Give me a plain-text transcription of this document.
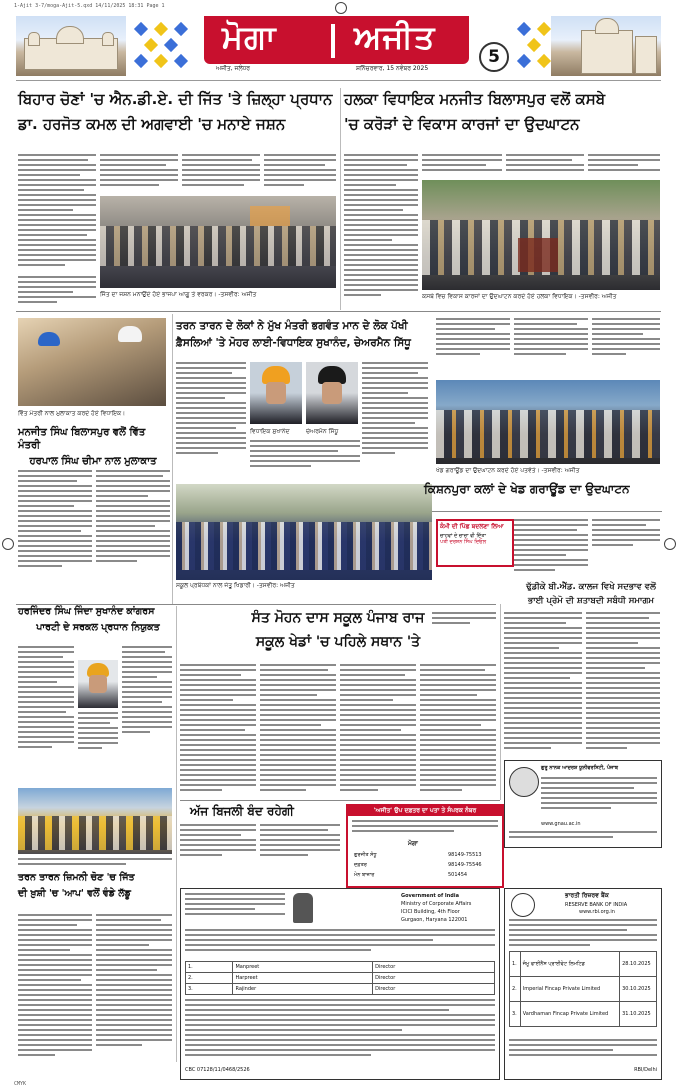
1-Ajit 3-7/moga-Ajit-5.qxd 14/11/2025 18:31 Page 1
ਮੋਗਾ ਅਜੀਤ
ਅਜੀਤ, ਜਲੰਧਰ	ਸ਼ਨਿੱਚਰਵਾਰ, 15 ਨਵੰਬਰ 2025
5
ਬਿਹਾਰ ਚੋਣਾਂ 'ਚ ਐਨ.ਡੀ.ਏ. ਦੀ ਜਿੱਤ 'ਤੇ ਜ਼ਿਲ੍ਹਾ ਪ੍ਰਧਾਨ
ਡਾ. ਹਰਜੋਤ ਕਮਲ ਦੀ ਅਗਵਾਈ 'ਚ ਮਨਾਏ ਜਸ਼ਨ
ਹਲਕਾ ਵਿਧਾਇਕ ਮਨਜੀਤ ਬਿਲਾਸਪੁਰ ਵਲੋਂ ਕਸਬੇ
'ਚ ਕਰੋੜਾਂ ਦੇ ਵਿਕਾਸ ਕਾਰਜਾਂ ਦਾ ਉਦਘਾਟਨ
ਜਿੱਤ ਦਾ ਜਸ਼ਨ ਮਨਾਉਂਦੇ ਹੋਏ ਭਾਜਪਾ ਆਗੂ ਤੇ ਵਰਕਰ। -ਤਸਵੀਰ: ਅਜੀਤ	ਕਸਬੇ ਵਿਚ ਵਿਕਾਸ ਕਾਰਜਾਂ ਦਾ ਉਦਘਾਟਨ ਕਰਦੇ ਹੋਏ ਹਲਕਾ ਵਿਧਾਇਕ। -ਤਸਵੀਰ: ਅਜੀਤ
ਵਿੱਤ ਮੰਤਰੀ ਨਾਲ ਮੁਲਾਕਾਤ ਕਰਦੇ ਹੋਏ ਵਿਧਾਇਕ।
ਮਨਜੀਤ ਸਿੰਘ ਬਿਲਾਸਪੁਰ ਵਲੋਂ ਵਿੱਤ ਮੰਤਰੀ
ਹਰਪਾਲ ਸਿੰਘ ਚੀਮਾ ਨਾਲ ਮੁਲਾਕਾਤ
ਤਰਨ ਤਾਰਨ ਦੇ ਲੋਕਾਂ ਨੇ ਮੁੱਖ ਮੰਤਰੀ ਭਗਵੰਤ ਮਾਨ ਦੇ ਲੋਕ ਪੱਖੀ
ਫ਼ੈਸਲਿਆਂ 'ਤੇ ਮੋਹਰ ਲਾਈ-ਵਿਧਾਇਕ ਸੁਖਾਨੰਦ, ਚੇਅਰਮੈਨ ਸਿੱਧੂ
ਵਿਧਾਇਕ ਸੁਖਾਨੰਦ	ਚੇਅਰਮੈਨ ਸਿੱਧੂ
ਸਕੂਲ ਪ੍ਰਬੰਧਕਾਂ ਨਾਲ ਜੇਤੂ ਖਿਡਾਰੀ। -ਤਸਵੀਰ: ਅਜੀਤ
ਖੇਡ ਗਰਾਊਂਡ ਦਾ ਉਦਘਾਟਨ ਕਰਦੇ ਹੋਏ ਪਤਵੰਤੇ। -ਤਸਵੀਰ: ਅਜੀਤ
ਕਿਸ਼ਨਪੁਰਾ ਕਲਾਂ ਦੇ ਖੇਡ ਗਰਾਊਂਡ ਦਾ ਉਦਘਾਟਨ
ਕੰਮੀ ਦੀ ਪਿੱਛ ਬਦਲਣਾ ਲਿਆ
ਚਾਹਵਾਂ ਦੇ ਚਾਚਾ ਵੀ ਦਿੱਤਾ
ਪਤੀ ਦਰਸ਼ਨ ਸਿੰਘ ਦਿਓਲ
ਢੁੱਡੀਕੇ ਬੀ.ਐੱਡ. ਕਾਲਜ ਵਿਖੇ ਸਦਭਾਵ ਵਲੋਂ
ਭਾਈ ਪ੍ਰੇਮੋ ਦੀ ਸ਼ਤਾਬਦੀ ਸਬੰਧੀ ਸਮਾਗਮ
ਹਰਜਿੰਦਰ ਸਿੰਘ ਜਿੰਦਾ ਸੁਖਾਨੰਦ ਕਾਂਗਰਸ
ਪਾਰਟੀ ਦੇ ਸਰਕਲ ਪ੍ਰਧਾਨ ਨਿਯੁਕਤ
ਤਰਨ ਤਾਰਨ ਜ਼ਿਮਨੀ ਚੋਣ 'ਚ ਜਿੱਤ
ਦੀ ਖ਼ੁਸ਼ੀ 'ਚ 'ਆਪ' ਵਲੋਂ ਵੰਡੇ ਲੱਡੂ
ਸੰਤ ਮੋਹਨ ਦਾਸ ਸਕੂਲ ਪੰਜਾਬ ਰਾਜ
ਸਕੂਲ ਖੇਡਾਂ 'ਚ ਪਹਿਲੇ ਸਥਾਨ 'ਤੇ
ਗੁਰੂ ਨਾਨਕ ਆਦਰਸ਼ ਯੂਨੀਵਰਸਿਟੀ, ਪੰਜਾਬ
www.gnau.ac.in
ਅੱਜ ਬਿਜਲੀ ਬੰਦ ਰਹੇਗੀ	'ਅਜੀਤ' ਉਪ ਦਫ਼ਤਰ ਦਾ ਪਤਾ ਤੇ ਸੰਪਰਕ ਨੰਬਰ
ਮੋਗਾ
ਗੁਰਜੀਤ ਸੰਧੂ	98149-75513
ਦਫ਼ਤਰ	98149-75546
ਮੇਨ ਬਾਜ਼ਾਰ	501454
Government of India
Ministry of Corporate Affairs
ICICI Building, 4th Floor
Gurgaon, Haryana 122001
1.	Manpreet	Director
2.	Harpreet	Director
3.	Rajinder	Director
CBC 07128/11/0468/2526
ਭਾਰਤੀ ਰਿਜ਼ਰਵ ਬੈਂਕ
RESERVE BANK OF INDIA
www.rbi.org.in
1.	ਜੰਮੂ ਫਾਈਨੈਂਸ ਪ੍ਰਾਈਵੇਟ ਲਿਮਟਿਡ	28.10.2025
2.	Imperial Fincap Private Limited	30.10.2025
3.	Vardhaman Fincap Private Limited	31.10.2025
RBI/Delhi
CMYK
